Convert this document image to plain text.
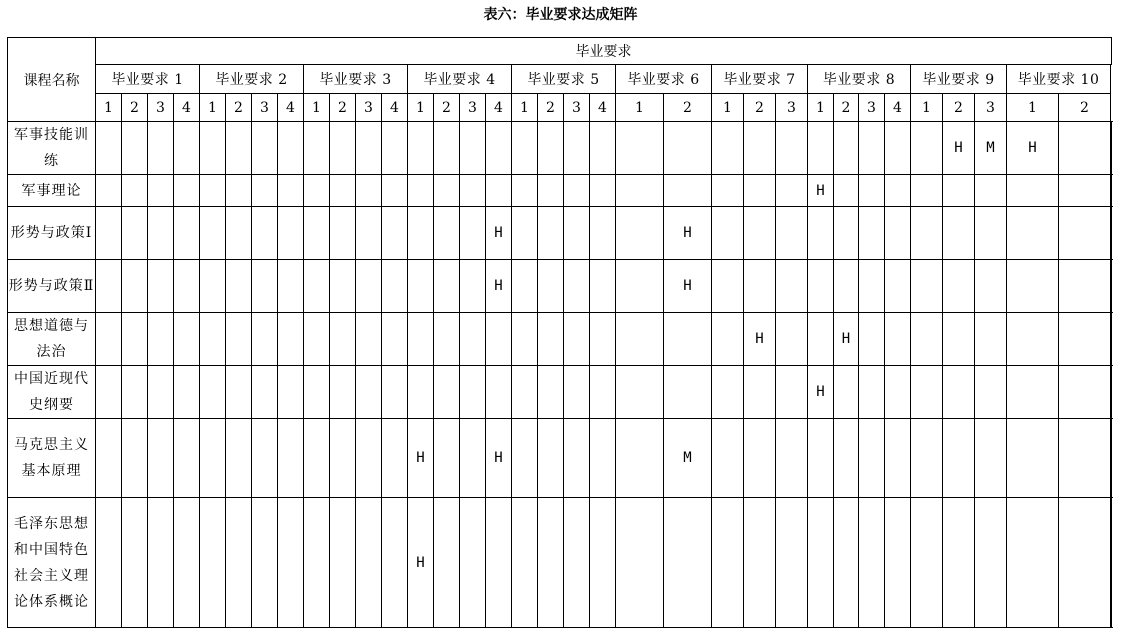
表六：毕业要求达成矩阵
课程名称	毕业要求																																		
	毕业要求 1				毕业要求 2				毕业要求 3				毕业要求 4				毕业要求 5				毕业要求 6		毕业要求 7			毕业要求 8				毕业要求 9			毕业要求 10		
	1	2	3	4	1	2	3	4	1	2	3	4	1	2	3	4	1	2	3	4	1	2	1	2	3	1	2	3	4	1	2	3	1	2	
军事技能训练																															H	M	H					
军事理论																										H												
形势与政策Ⅰ																H						H																
形势与政策Ⅱ																H						H																
思想道德与法治																								H			H											
中国近现代史纲要																										H												
马克思主义基本原理													H			H						M																
毛泽东思想和中国特色社会主义理论体系概论													H																									
